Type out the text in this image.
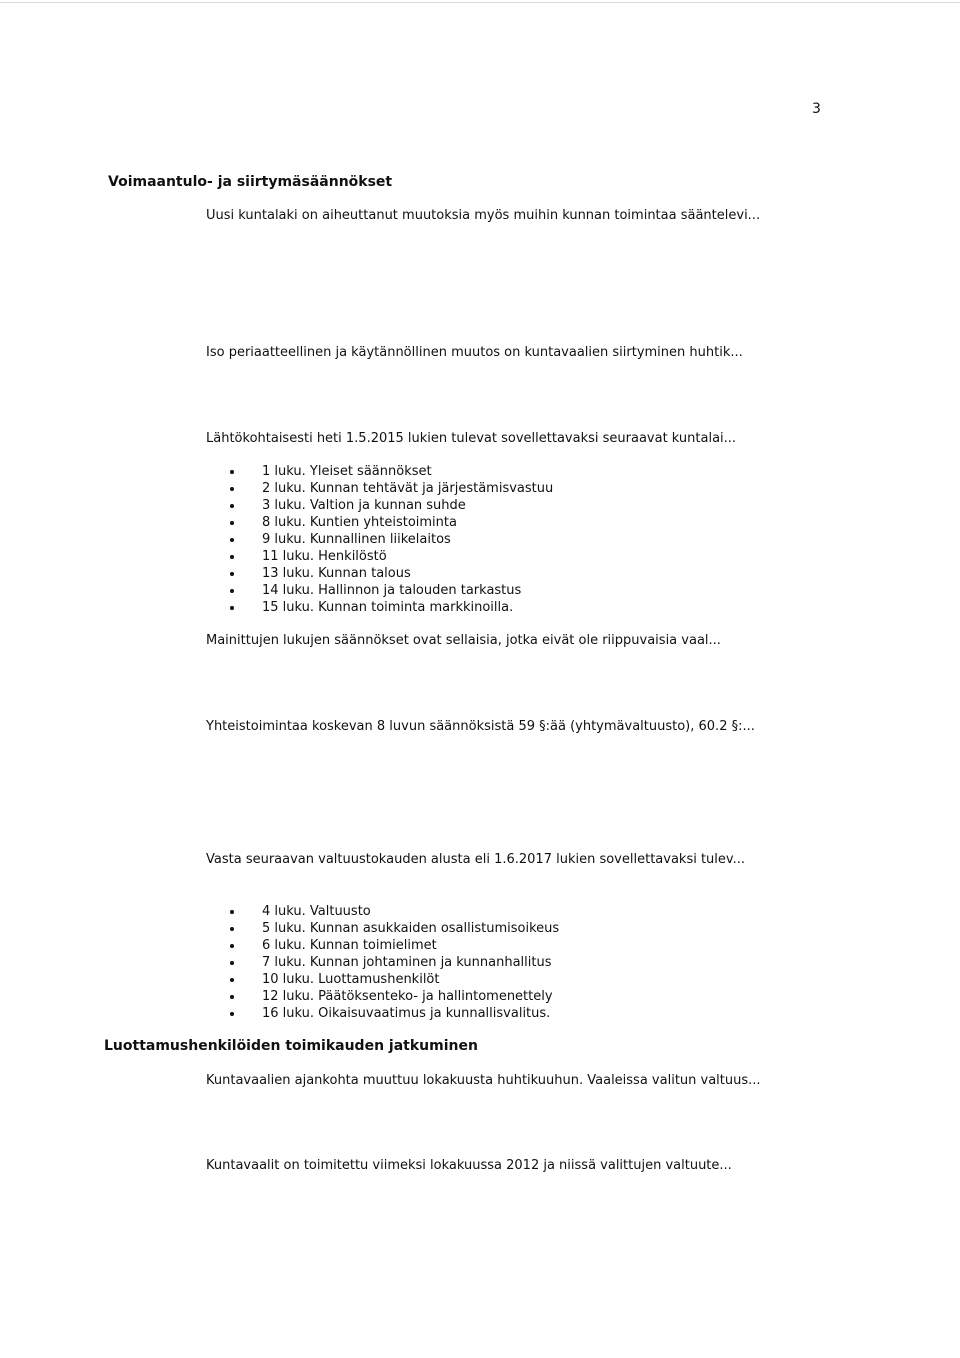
3
Voimaantulo- ja siirtymäsäännökset

Uusi kuntalaki on aiheuttanut muutoksia myös muihin kunnan toimintaa sääntelevi...

Iso periaatteellinen ja käytännöllinen muutos on kuntavaalien siirtyminen huhtik...

Lähtökohtaisesti heti 1.5.2015 lukien tulevat sovellettavaksi seuraavat kuntalai...

1 luku. Yleiset säännökset
2 luku. Kunnan tehtävät ja järjestämisvastuu
3 luku. Valtion ja kunnan suhde
8 luku. Kuntien yhteistoiminta
9 luku. Kunnallinen liikelaitos
11 luku. Henkilöstö
13 luku. Kunnan talous
14 luku. Hallinnon ja talouden tarkastus
15 luku. Kunnan toiminta markkinoilla.

Mainittujen lukujen säännökset ovat sellaisia, jotka eivät ole riippuvaisia vaal...

Yhteistoimintaa koskevan 8 luvun säännöksistä 59 §:ää (yhtymävaltuusto), 60.2 §:...

Vasta seuraavan valtuustokauden alusta eli 1.6.2017 lukien sovellettavaksi tulev...

4 luku. Valtuusto
5 luku. Kunnan asukkaiden osallistumisoikeus
6 luku. Kunnan toimielimet
7 luku. Kunnan johtaminen ja kunnanhallitus
10 luku. Luottamushenkilöt
12 luku. Päätöksenteko- ja hallintomenettely
16 luku. Oikaisuvaatimus ja kunnallisvalitus.
Luottamushenkilöiden toimikauden jatkuminen

Kuntavaalien ajankohta muuttuu lokakuusta huhtikuuhun. Vaaleissa valitun valtuus...

Kuntavaalit on toimitettu viimeksi lokakuussa 2012 ja niissä valittujen valtuute...
